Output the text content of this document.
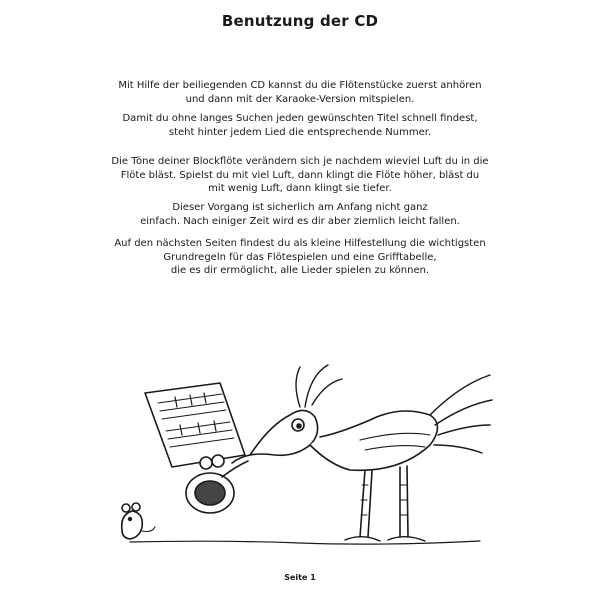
Benutzung der CD
Mit Hilfe der beiliegenden CD kannst du die Flötenstücke zuerst anhören
und dann mit der Karaoke-Version mitspielen.
Damit du ohne langes Suchen jeden gewünschten Titel schnell findest,
steht hinter jedem Lied die entsprechende Nummer.
Die Töne deiner Blockflöte verändern sich je nachdem wieviel Luft du in die
Flöte bläst. Spielst du mit viel Luft, dann klingt die Flöte höher, bläst du
mit wenig Luft, dann klingt sie tiefer.
Dieser Vorgang ist sicherlich am Anfang nicht ganz
einfach. Nach einiger Zeit wird es dir aber ziemlich leicht fallen.
Auf den nächsten Seiten findest du als kleine Hilfestellung die wichtigsten
Grundregeln für das Flötespielen und eine Grifftabelle,
die es dir ermöglicht, alle Lieder spielen zu können.
Seite 1
